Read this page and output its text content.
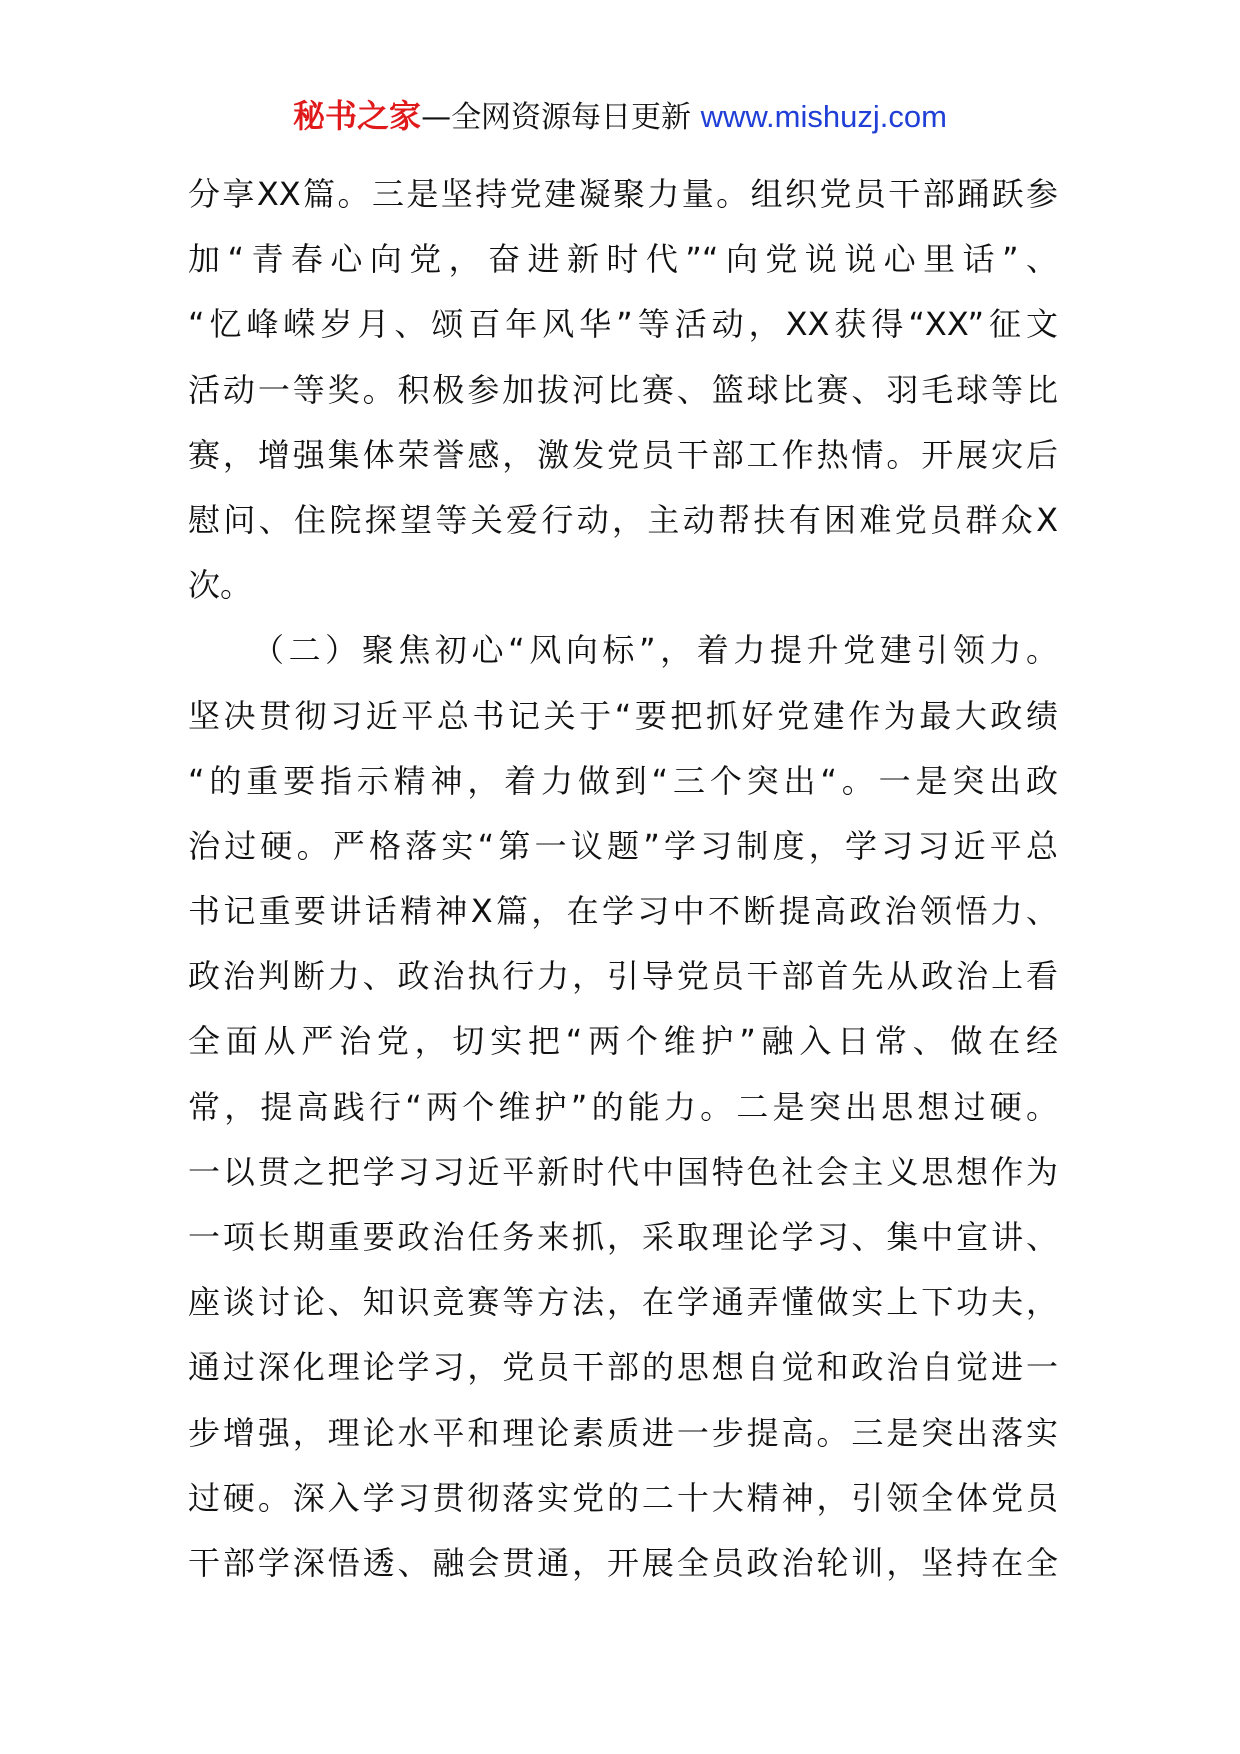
秘书之家—全网资源每日更新 www.mishuzj.com
分享XX篇。三是坚持党建凝聚力量。组织党员干部踊跃参
加“青春心向党，奋进新时代”“向党说说心里话”、
“忆峰嵘岁月、颂百年风华”等活动，XX获得“XX”征文
活动一等奖。积极参加拔河比赛、篮球比赛、羽毛球等比
赛，增强集体荣誉感，激发党员干部工作热情。开展灾后
慰问、住院探望等关爱行动，主动帮扶有困难党员群众X
次。
（二）聚焦初心“风向标”，着力提升党建引领力。
坚决贯彻习近平总书记关于“要把抓好党建作为最大政绩
“的重要指示精神，着力做到“三个突出“。一是突出政
治过硬。严格落实“第一议题”学习制度，学习习近平总
书记重要讲话精神X篇，在学习中不断提高政治领悟力、
政治判断力、政治执行力，引导党员干部首先从政治上看
全面从严治党，切实把“两个维护”融入日常、做在经
常，提高践行“两个维护”的能力。二是突出思想过硬。
一以贯之把学习习近平新时代中国特色社会主义思想作为
一项长期重要政治任务来抓，采取理论学习、集中宣讲、
座谈讨论、知识竞赛等方法，在学通弄懂做实上下功夫，
通过深化理论学习，党员干部的思想自觉和政治自觉进一
步增强，理论水平和理论素质进一步提高。三是突出落实
过硬。深入学习贯彻落实党的二十大精神，引领全体党员
干部学深悟透、融会贯通，开展全员政治轮训，坚持在全
